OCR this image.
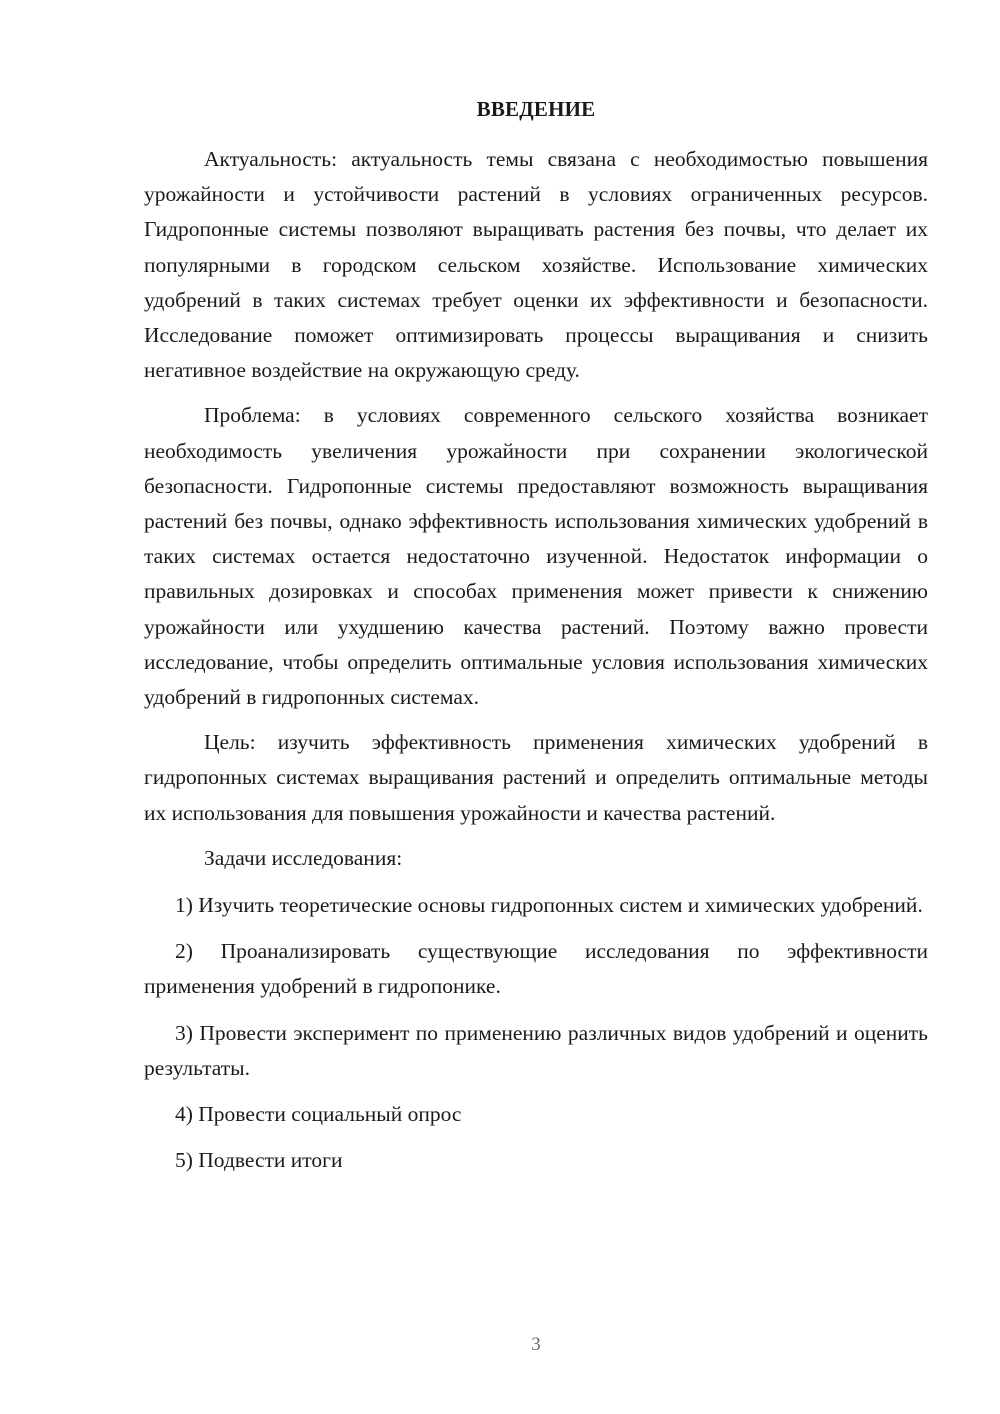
ВВЕДЕНИЕ

Актуальность: актуальность темы связана с необходимостью повышения урожайности и устойчивости растений в условиях ограниченных ресурсов. Гидропонные системы позволяют выращивать растения без почвы, что делает их популярными в городском сельском хозяйстве. Использование химических удобрений в таких системах требует оценки их эффективности и безопасности. Исследование поможет оптимизировать процессы выращивания и снизить негативное воздействие на окружающую среду.

Проблема: в условиях современного сельского хозяйства возникает необходимость увеличения урожайности при сохранении экологической безопасности. Гидропонные системы предоставляют возможность выращивания растений без почвы, однако эффективность использования химических удобрений в таких системах остается недостаточно изученной. Недостаток информации о правильных дозировках и способах применения может привести к снижению урожайности или ухудшению качества растений. Поэтому важно провести исследование, чтобы определить оптимальные условия использования химических удобрений в гидропонных системах.

Цель: изучить эффективность применения химических удобрений в гидропонных системах выращивания растений и определить оптимальные методы их использования для повышения урожайности и качества растений.

Задачи исследования:

1) Изучить теоретические основы гидропонных систем и химических удобрений.

2) Проанализировать существующие исследования по эффективности применения удобрений в гидропонике.

3) Провести эксперимент по применению различных видов удобрений и оценить результаты.

4) Провести социальный опрос

5) Подвести итоги

3
